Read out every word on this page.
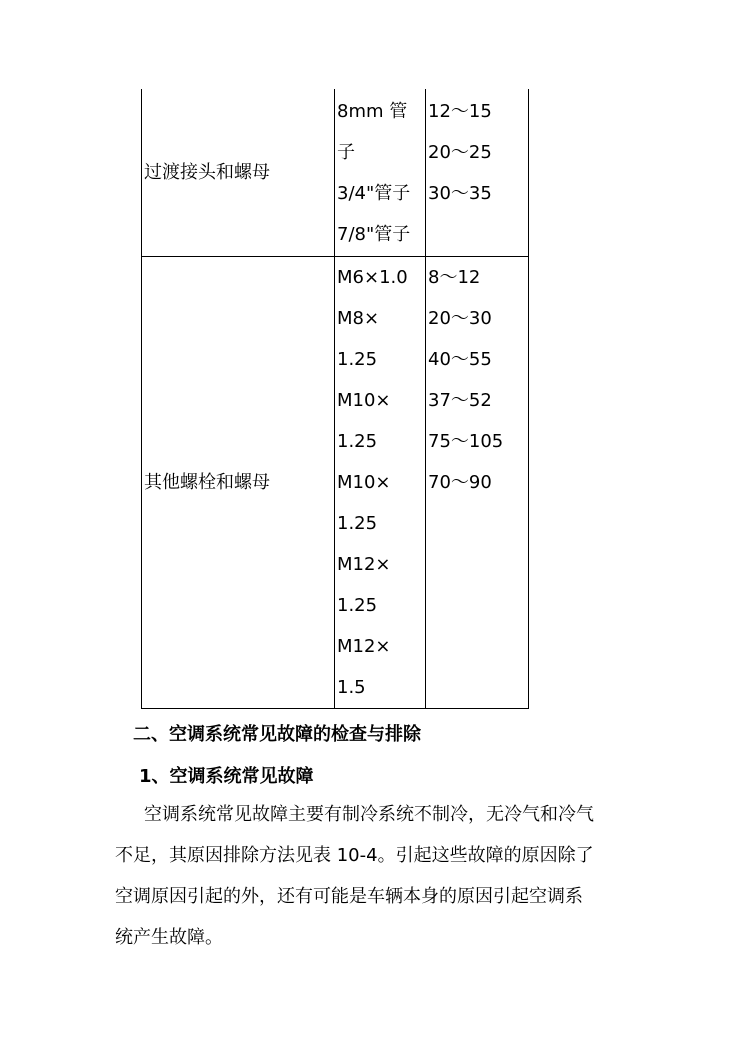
过渡接头和螺母
8mm 管
子
3/4"管子
7/8"管子
12～15
20～25
30～35
其他螺栓和螺母
M6×1.0
M8×
1.25
M10×
1.25
M10×
1.25
M12×
1.25
M12×
1.5
8～12
20～30
40～55
37～52
75～105
70～90
二、空调系统常见故障的检查与排除
1、空调系统常见故障
空调系统常见故障主要有制冷系统不制冷，无冷气和冷气
不足，其原因排除方法见表 10-4。引起这些故障的原因除了
空调原因引起的外，还有可能是车辆本身的原因引起空调系
统产生故障。
